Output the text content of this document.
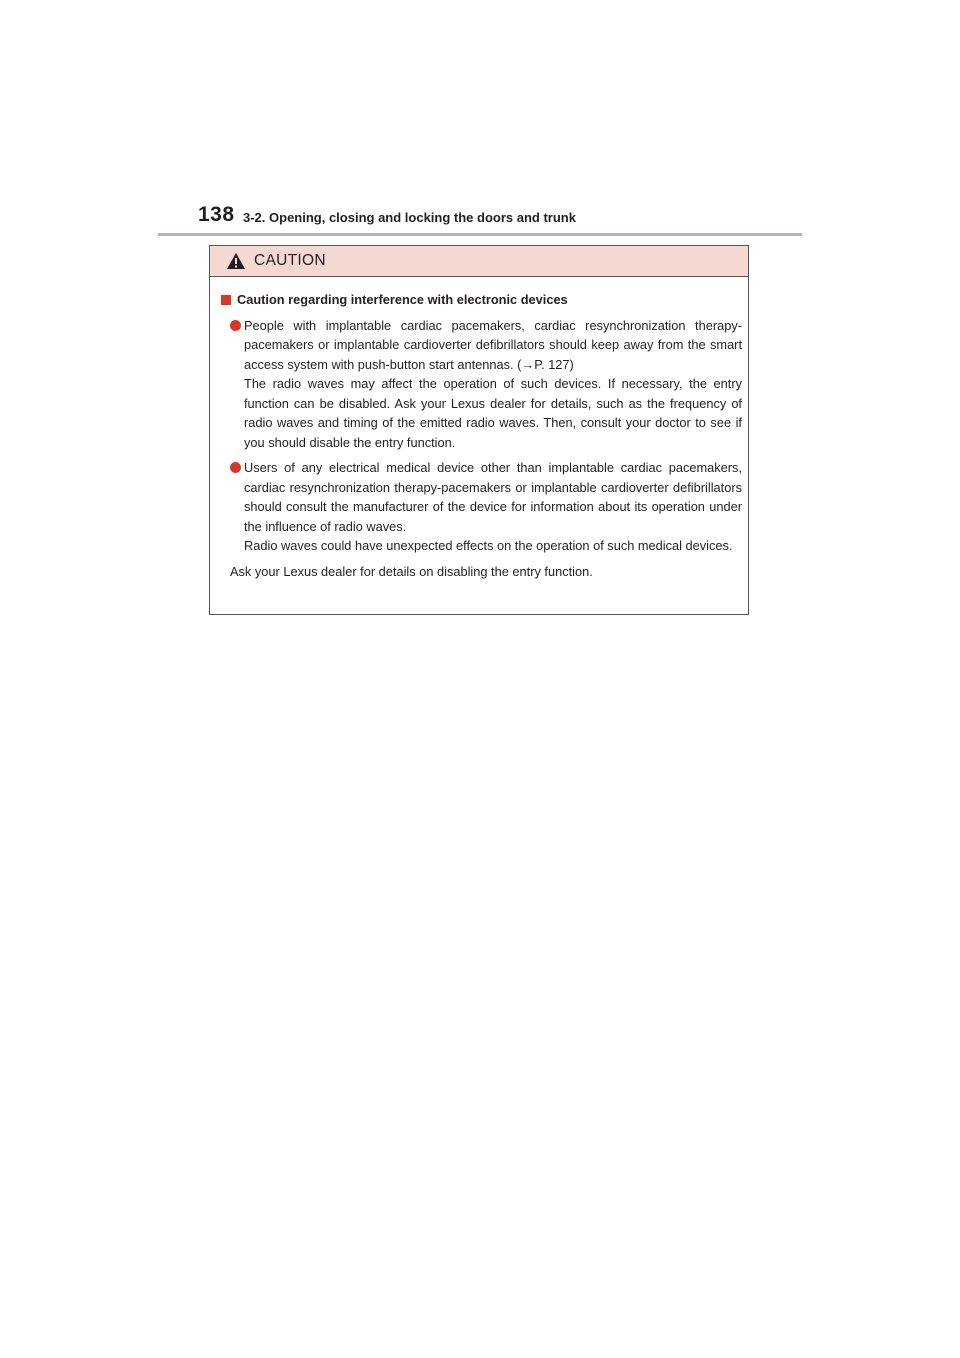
138 3-2. Opening, closing and locking the doors and trunk
CAUTION
Caution regarding interference with electronic devices

People with implantable cardiac pacemakers, cardiac resynchronization therapy-pacemakers or implantable cardioverter defibrillators should keep away from the smart access system with push-button start antennas. (→P. 127)

The radio waves may affect the operation of such devices. If necessary, the entry function can be disabled. Ask your Lexus dealer for details, such as the frequency of radio waves and timing of the emitted radio waves. Then, consult your doctor to see if you should disable the entry function.

Users of any electrical medical device other than implantable cardiac pacemakers, cardiac resynchronization therapy-pacemakers or implantable cardioverter defibrillators should consult the manufacturer of the device for information about its operation under the influence of radio waves.

Radio waves could have unexpected effects on the operation of such medical devices.

Ask your Lexus dealer for details on disabling the entry function.
